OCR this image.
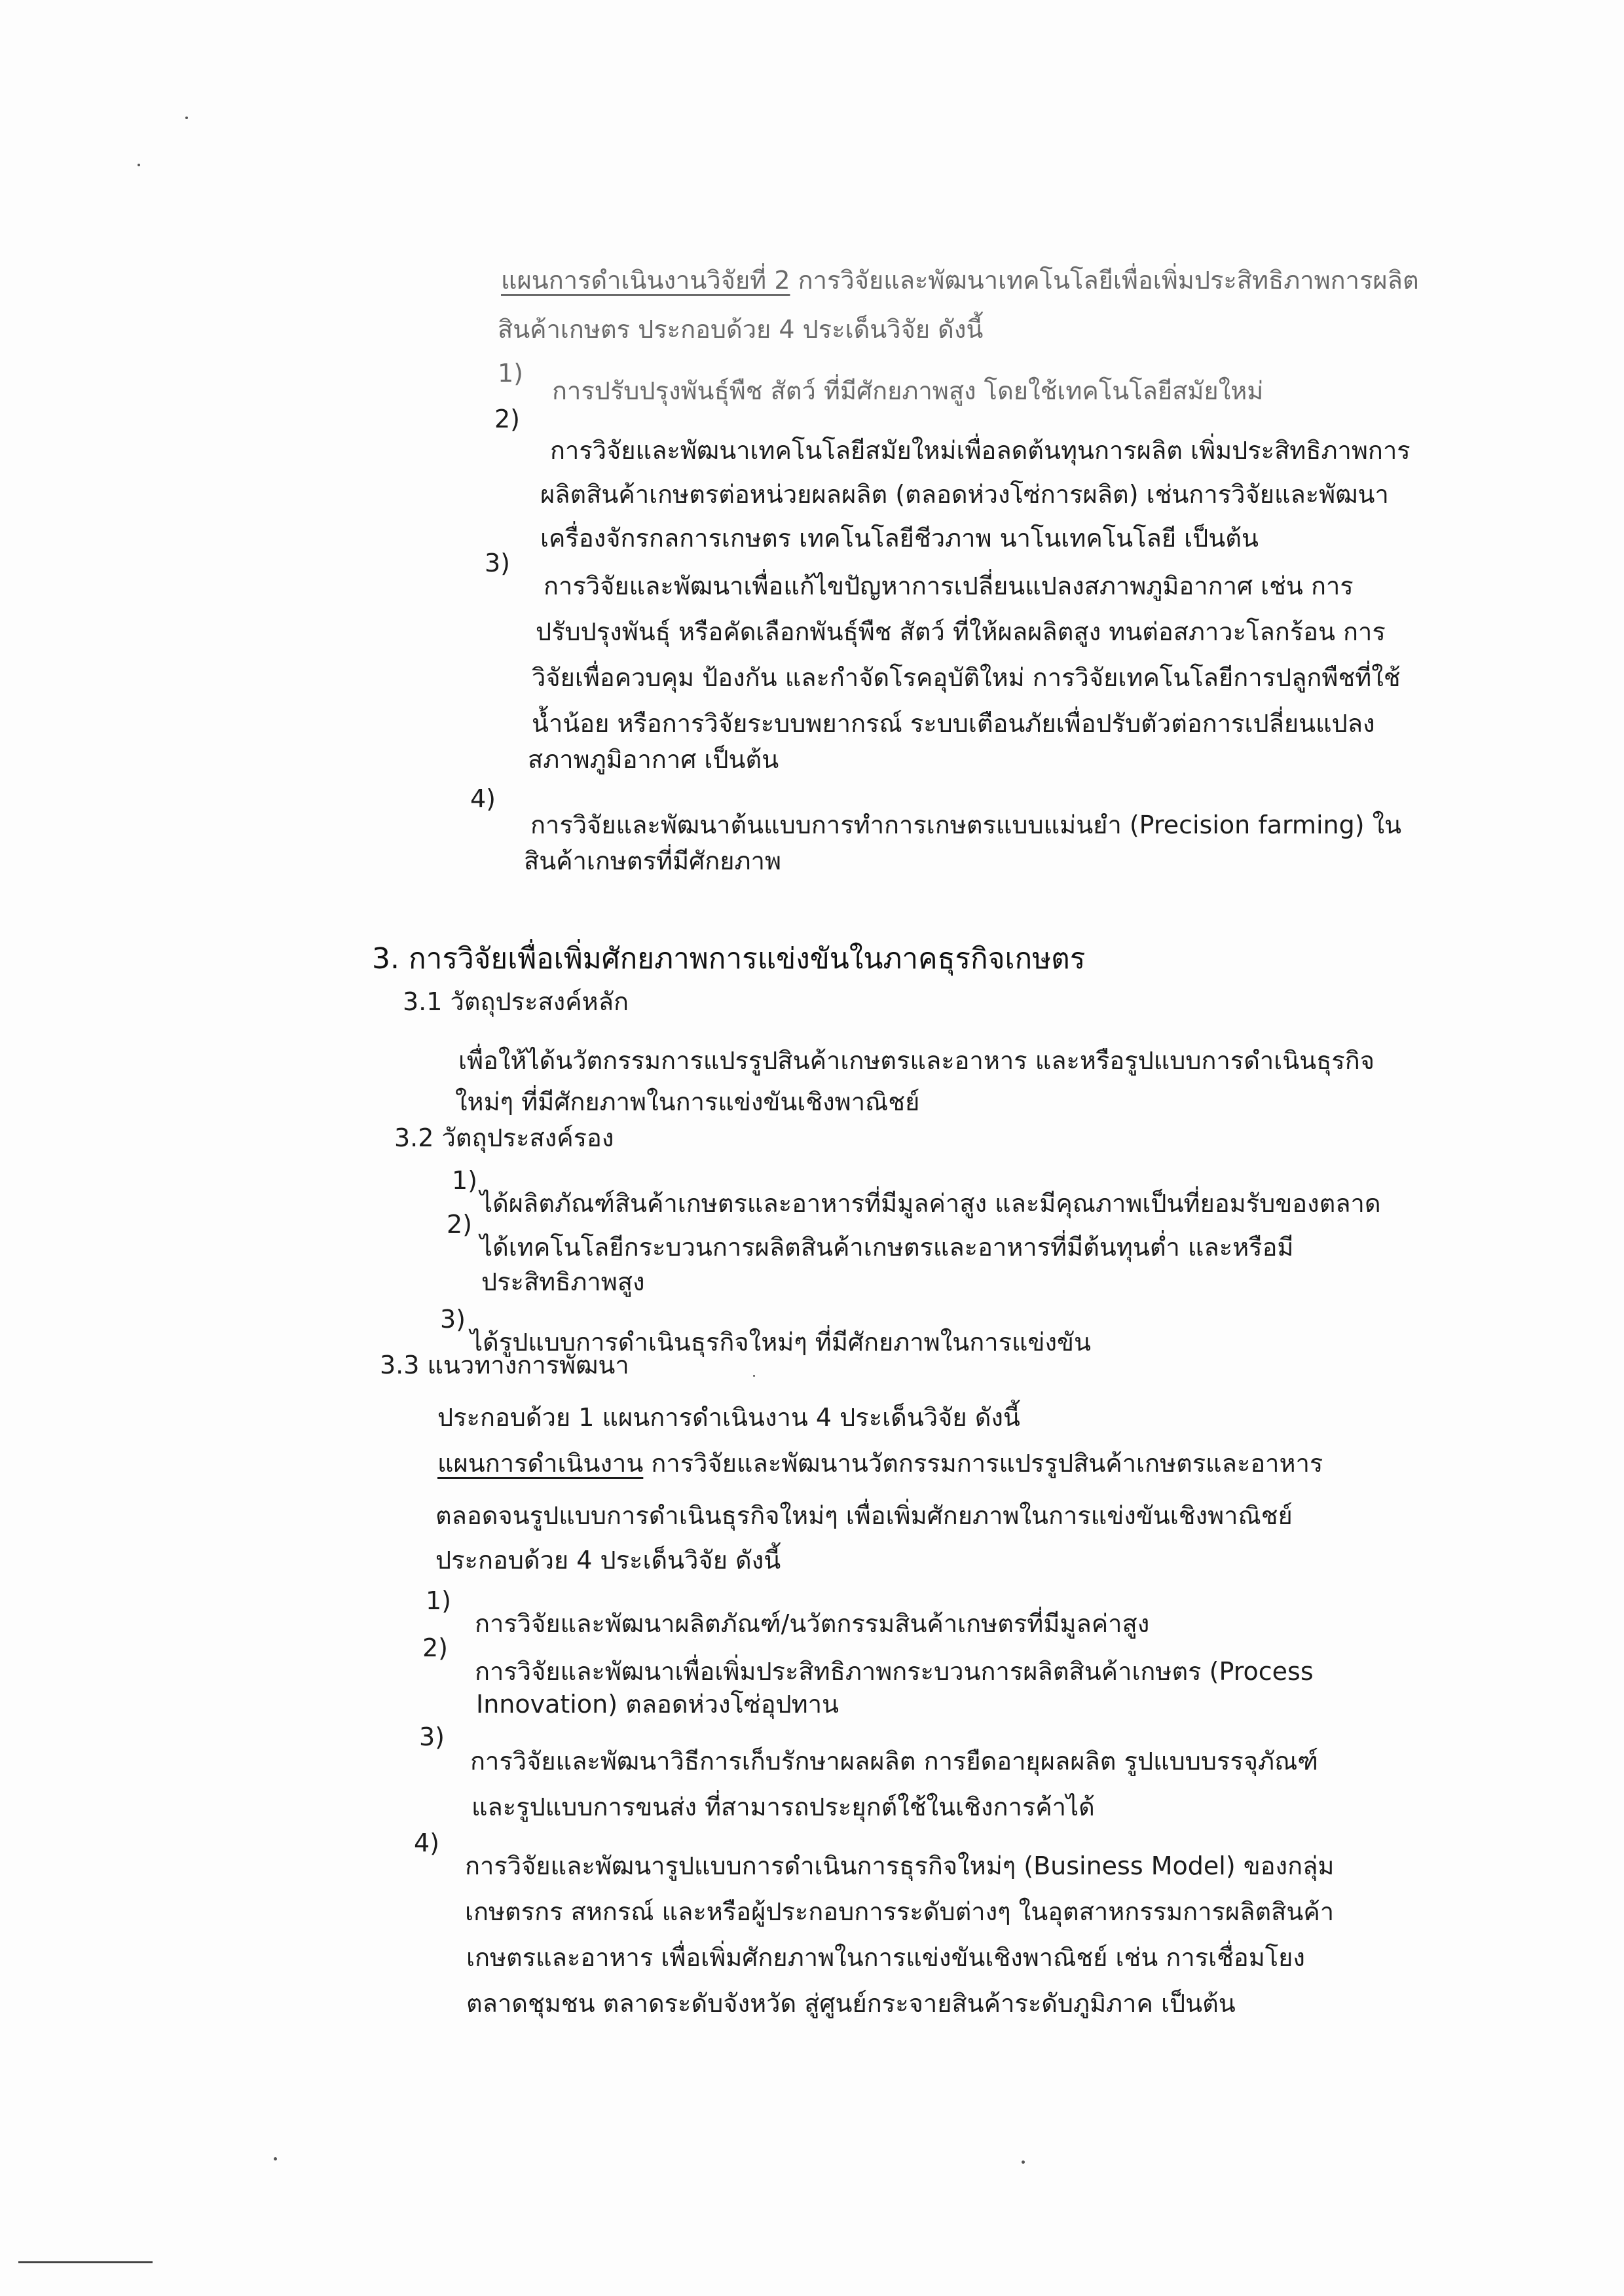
แผนการดำเนินงานวิจัยที่ 2 การวิจัยและพัฒนาเทคโนโลยีเพื่อเพิ่มประสิทธิภาพการผลิต
สินค้าเกษตร ประกอบด้วย 4 ประเด็นวิจัย ดังนี้
1)
การปรับปรุงพันธุ์พืช สัตว์ ที่มีศักยภาพสูง โดยใช้เทคโนโลยีสมัยใหม่
2)
การวิจัยและพัฒนาเทคโนโลยีสมัยใหม่เพื่อลดต้นทุนการผลิต เพิ่มประสิทธิภาพการ
ผลิตสินค้าเกษตรต่อหน่วยผลผลิต (ตลอดห่วงโซ่การผลิต) เช่นการวิจัยและพัฒนา
เครื่องจักรกลการเกษตร เทคโนโลยีชีวภาพ นาโนเทคโนโลยี เป็นต้น
3)
การวิจัยและพัฒนาเพื่อแก้ไขปัญหาการเปลี่ยนแปลงสภาพภูมิอากาศ เช่น การ
ปรับปรุงพันธุ์ หรือคัดเลือกพันธุ์พืช สัตว์ ที่ให้ผลผลิตสูง ทนต่อสภาวะโลกร้อน การ
วิจัยเพื่อควบคุม ป้องกัน และกำจัดโรคอุบัติใหม่ การวิจัยเทคโนโลยีการปลูกพืชที่ใช้
น้ำน้อย หรือการวิจัยระบบพยากรณ์ ระบบเตือนภัยเพื่อปรับตัวต่อการเปลี่ยนแปลง
สภาพภูมิอากาศ เป็นต้น
4)
การวิจัยและพัฒนาต้นแบบการทำการเกษตรแบบแม่นยำ (Precision farming) ใน
สินค้าเกษตรที่มีศักยภาพ
3. การวิจัยเพื่อเพิ่มศักยภาพการแข่งขันในภาคธุรกิจเกษตร
3.1 วัตถุประสงค์หลัก
เพื่อให้ได้นวัตกรรมการแปรรูปสินค้าเกษตรและอาหาร และหรือรูปแบบการดำเนินธุรกิจ
ใหม่ๆ ที่มีศักยภาพในการแข่งขันเชิงพาณิชย์
3.2 วัตถุประสงค์รอง
1)
ได้ผลิตภัณฑ์สินค้าเกษตรและอาหารที่มีมูลค่าสูง และมีคุณภาพเป็นที่ยอมรับของตลาด
2)
ได้เทคโนโลยีกระบวนการผลิตสินค้าเกษตรและอาหารที่มีต้นทุนต่ำ และหรือมี
ประสิทธิภาพสูง
3)
ได้รูปแบบการดำเนินธุรกิจใหม่ๆ ที่มีศักยภาพในการแข่งขัน
3.3 แนวทางการพัฒนา
ประกอบด้วย 1 แผนการดำเนินงาน 4 ประเด็นวิจัย ดังนี้
แผนการดำเนินงาน การวิจัยและพัฒนานวัตกรรมการแปรรูปสินค้าเกษตรและอาหาร
ตลอดจนรูปแบบการดำเนินธุรกิจใหม่ๆ เพื่อเพิ่มศักยภาพในการแข่งขันเชิงพาณิชย์
ประกอบด้วย 4 ประเด็นวิจัย ดังนี้
1)
การวิจัยและพัฒนาผลิตภัณฑ์/นวัตกรรมสินค้าเกษตรที่มีมูลค่าสูง
2)
การวิจัยและพัฒนาเพื่อเพิ่มประสิทธิภาพกระบวนการผลิตสินค้าเกษตร (Process
Innovation) ตลอดห่วงโซ่อุปทาน
3)
การวิจัยและพัฒนาวิธีการเก็บรักษาผลผลิต การยืดอายุผลผลิต รูปแบบบรรจุภัณฑ์
และรูปแบบการขนส่ง ที่สามารถประยุกต์ใช้ในเชิงการค้าได้
4)
การวิจัยและพัฒนารูปแบบการดำเนินการธุรกิจใหม่ๆ (Business Model) ของกลุ่ม
เกษตรกร สหกรณ์ และหรือผู้ประกอบการระดับต่างๆ ในอุตสาหกรรมการผลิตสินค้า
เกษตรและอาหาร เพื่อเพิ่มศักยภาพในการแข่งขันเชิงพาณิชย์ เช่น การเชื่อมโยง
ตลาดชุมชน ตลาดระดับจังหวัด สู่ศูนย์กระจายสินค้าระดับภูมิภาค เป็นต้น
